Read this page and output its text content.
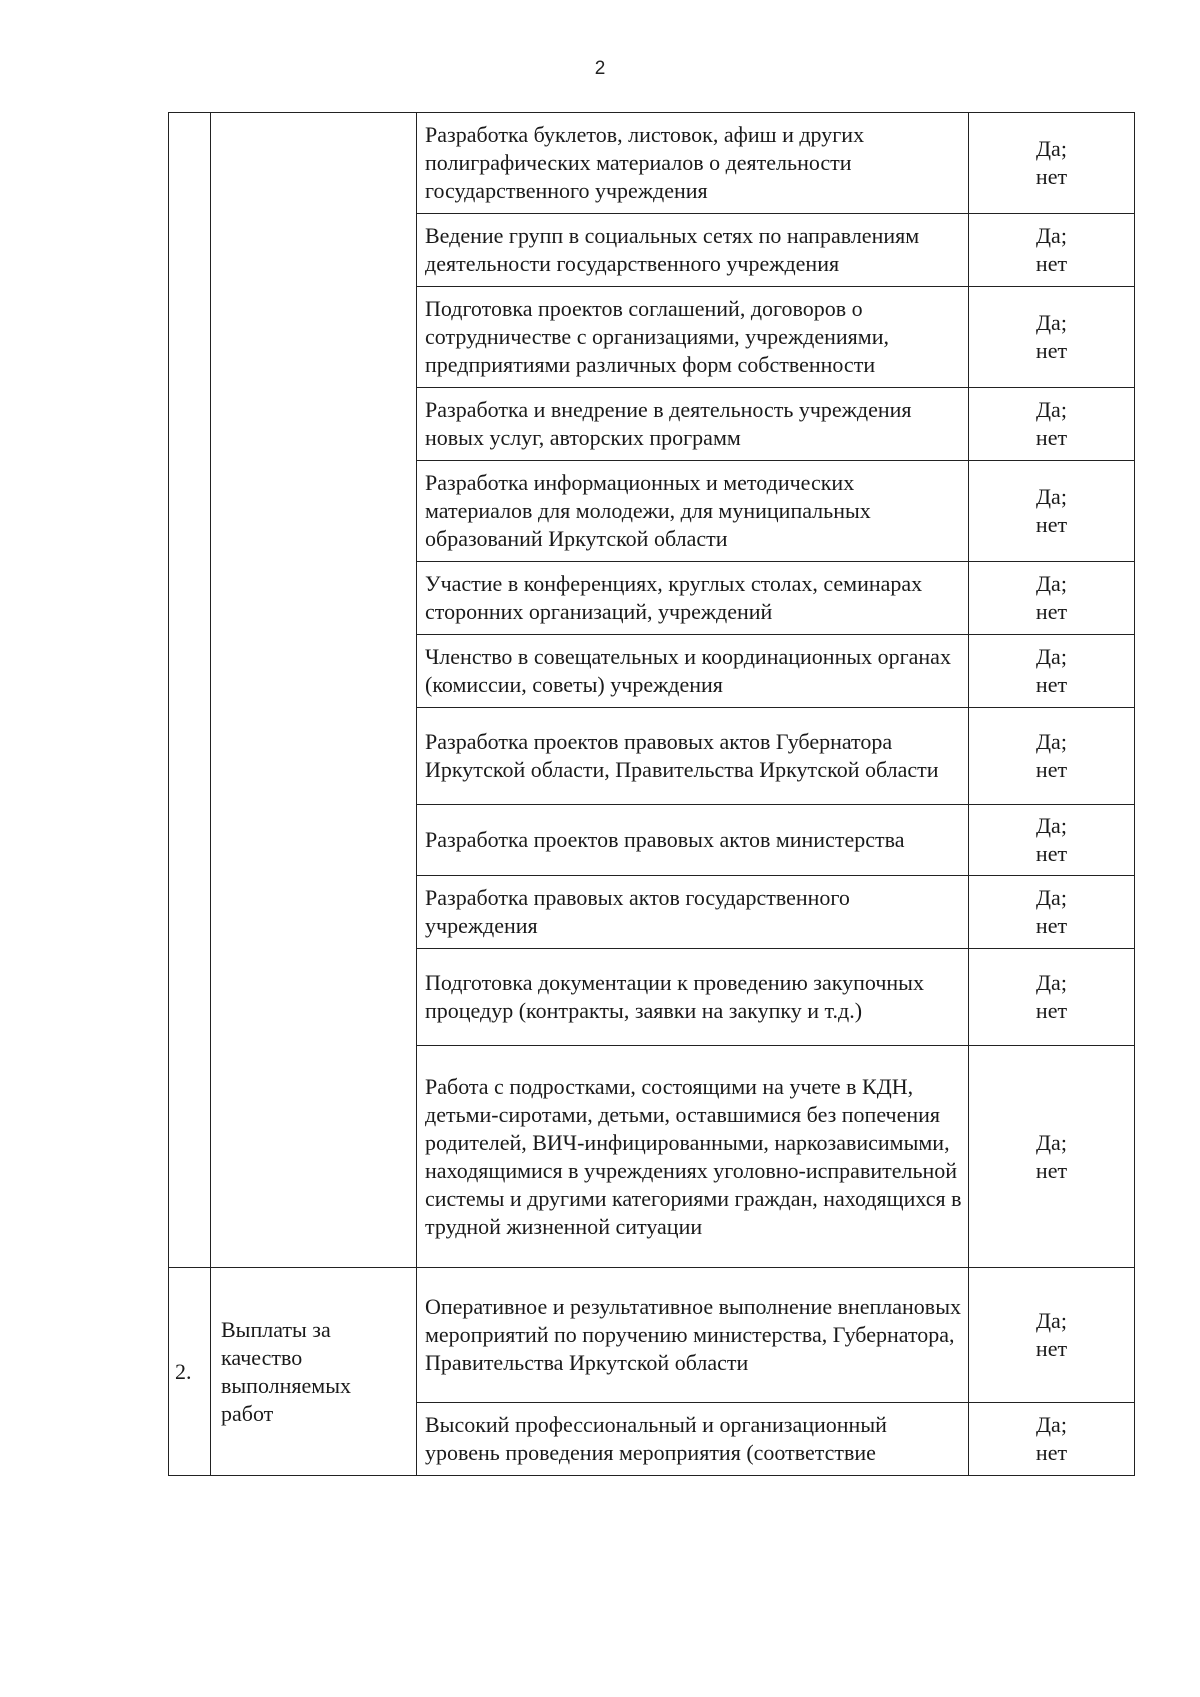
2

		Разработка буклетов, листовок, афиш и других полиграфических материалов о деятельности государственного учреждения	Да;
нет

		Ведение групп в социальных сетях по направлениям деятельности государственного учреждения	Да;
нет

		Подготовка проектов соглашений, договоров о сотрудничестве с организациями, учреждениями, предприятиями различных форм собственности	Да;
нет

		Разработка и внедрение в деятельность учреждения новых услуг, авторских программ	Да;
нет

		Разработка информационных и методических материалов для молодежи, для муниципальных образований Иркутской области	Да;
нет

		Участие в конференциях, круглых столах, семинарах сторонних организаций, учреждений	Да;
нет

		Членство в совещательных и координационных органах (комиссии, советы) учреждения	Да;
нет

		Разработка проектов правовых актов Губернатора Иркутской области, Правительства Иркутской области	Да;
нет

		Разработка проектов правовых актов министерства	Да;
нет

		Разработка правовых актов государственного учреждения	Да;
нет

		Подготовка документации к проведению закупочных процедур (контракты, заявки на закупку и т.д.)	Да;
нет

		Работа с подростками, состоящими на учете в КДН, детьми-сиротами, детьми, оставшимися без попечения родителей, ВИЧ-инфицированными, наркозависимыми, находящимися в учреждениях уголовно-исправительной системы и другими категориями граждан, находящихся в трудной жизненной ситуации	Да;
нет

2.	Выплаты за качество выполняемых работ	Оперативное и результативное выполнение внеплановых мероприятий по поручению министерства, Губернатора, Правительства Иркутской области	Да;
нет

		Высокий профессиональный и организационный уровень проведения мероприятия (соответствие	Да;
нет
